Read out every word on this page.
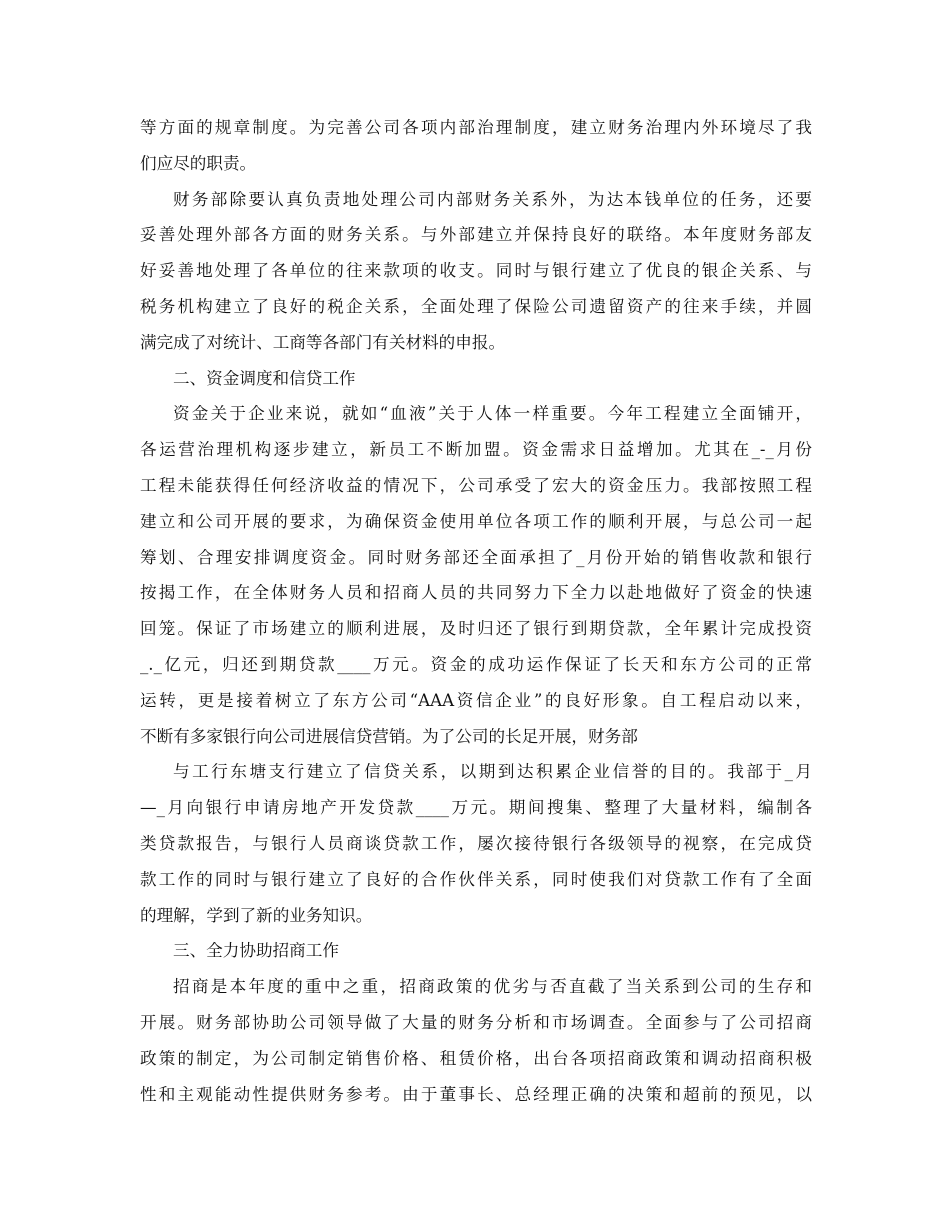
等方面的规章制度。为完善公司各项内部治理制度，建立财务治理内外环境尽了我
们应尽的职责。
财务部除要认真负责地处理公司内部财务关系外，为达本钱单位的任务，还要
妥善处理外部各方面的财务关系。与外部建立并保持良好的联络。本年度财务部友
好妥善地处理了各单位的往来款项的收支。同时与银行建立了优良的银企关系、与
税务机构建立了良好的税企关系，全面处理了保险公司遗留资产的往来手续，并圆
满完成了对统计、工商等各部门有关材料的申报。
二、资金调度和信贷工作
资金关于企业来说，就如“血液”关于人体一样重要。今年工程建立全面铺开，
各运营治理机构逐步建立，新员工不断加盟。资金需求日益增加。尤其在_-_月份
工程未能获得任何经济收益的情况下，公司承受了宏大的资金压力。我部按照工程
建立和公司开展的要求，为确保资金使用单位各项工作的顺利开展，与总公司一起
筹划、合理安排调度资金。同时财务部还全面承担了_月份开始的销售收款和银行
按揭工作，在全体财务人员和招商人员的共同努力下全力以赴地做好了资金的快速
回笼。保证了市场建立的顺利进展，及时归还了银行到期贷款，全年累计完成投资
_._亿元，归还到期贷款____万元。资金的成功运作保证了长天和东方公司的正常
运转，更是接着树立了东方公司“AAA资信企业”的良好形象。自工程启动以来，
不断有多家银行向公司进展信贷营销。为了公司的长足开展，财务部
与工行东塘支行建立了信贷关系，以期到达积累企业信誉的目的。我部于_月
—_月向银行申请房地产开发贷款____万元。期间搜集、整理了大量材料，编制各
类贷款报告，与银行人员商谈贷款工作，屡次接待银行各级领导的视察，在完成贷
款工作的同时与银行建立了良好的合作伙伴关系，同时使我们对贷款工作有了全面
的理解，学到了新的业务知识。
三、全力协助招商工作
招商是本年度的重中之重，招商政策的优劣与否直截了当关系到公司的生存和
开展。财务部协助公司领导做了大量的财务分析和市场调查。全面参与了公司招商
政策的制定，为公司制定销售价格、租赁价格，出台各项招商政策和调动招商积极
性和主观能动性提供财务参考。由于董事长、总经理正确的决策和超前的预见，以
